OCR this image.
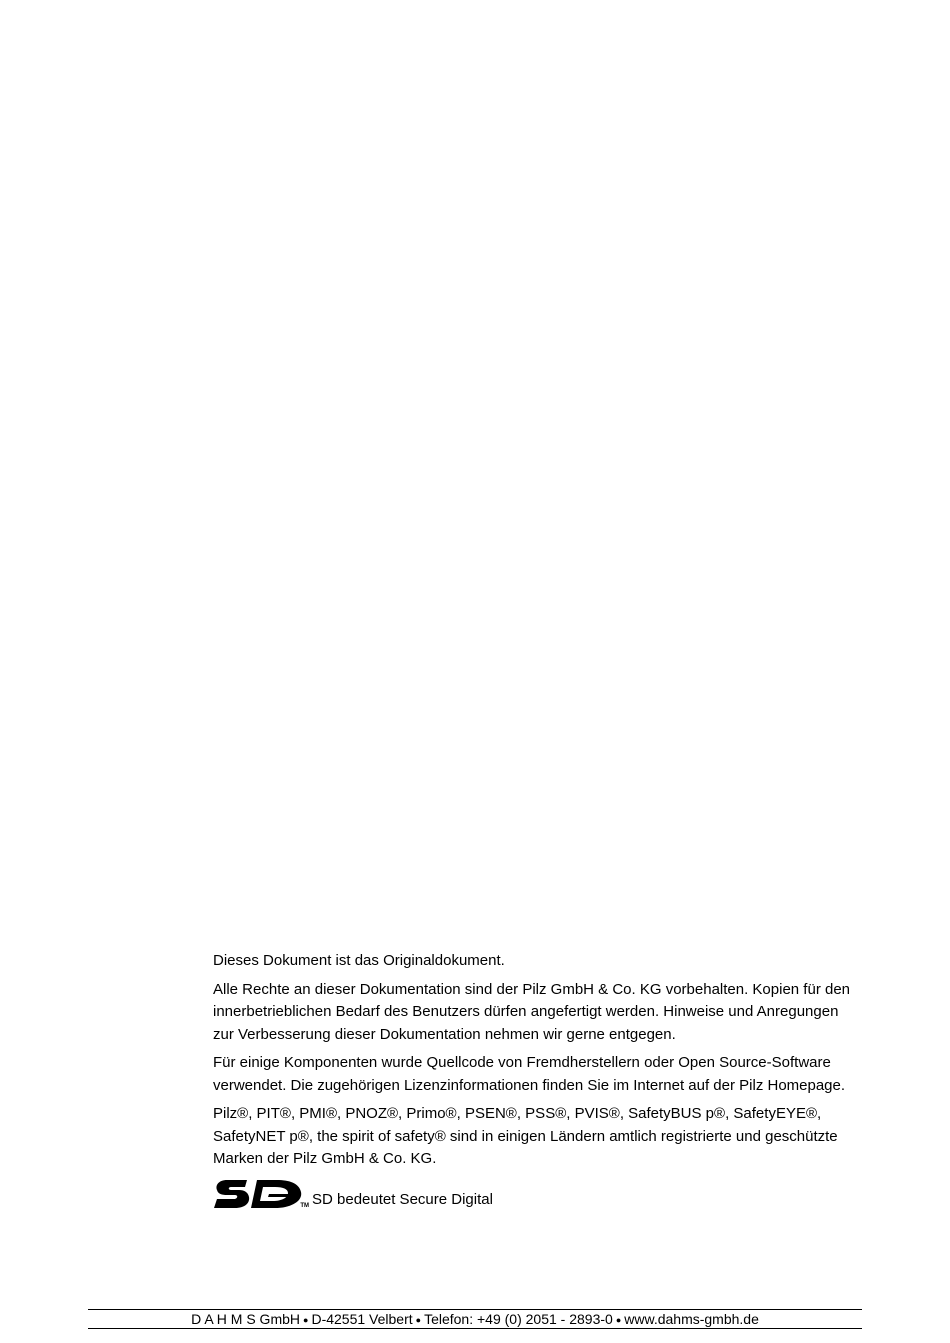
Dieses Dokument ist das Originaldokument.

Alle Rechte an dieser Dokumentation sind der Pilz GmbH & Co. KG vorbehalten. Kopien für den innerbetrieblichen Bedarf des Benutzers dürfen angefertigt werden. Hinweise und Anregungen zur Verbesserung dieser Dokumentation nehmen wir gerne entgegen.

Für einige Komponenten wurde Quellcode von Fremdherstellern oder Open Source-Software verwendet. Die zugehörigen Lizenzinformationen finden Sie im Internet auf der Pilz Homepage.

Pilz®, PIT®, PMI®, PNOZ®, Primo®, PSEN®, PSS®, PVIS®, SafetyBUS p®, SafetyEYE®, SafetyNET p®, the spirit of safety® sind in einigen Ländern amtlich registrierte und geschützte Marken der Pilz GmbH & Co. KG.

TM SD bedeutet Secure Digital
D A H M S GmbH ● D-42551 Velbert ● Telefon: +49 (0) 2051 - 2893-0 ● www.dahms-gmbh.de
